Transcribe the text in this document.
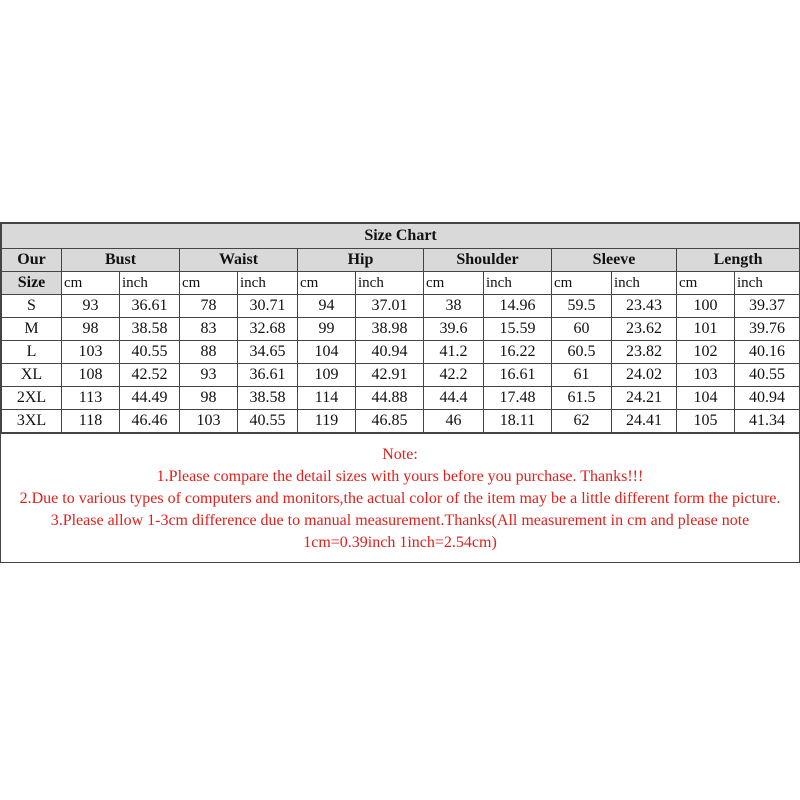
Size Chart												
Our	Bust		Waist		Hip		Shoulder		Sleeve		Length	
Size	cm	inch	cm	inch	cm	inch	cm	inch	cm	inch	cm	inch
S	93	36.61	78	30.71	94	37.01	38	14.96	59.5	23.43	100	39.37
M	98	38.58	83	32.68	99	38.98	39.6	15.59	60	23.62	101	39.76
L	103	40.55	88	34.65	104	40.94	41.2	16.22	60.5	23.82	102	40.16
XL	108	42.52	93	36.61	109	42.91	42.2	16.61	61	24.02	103	40.55
2XL	113	44.49	98	38.58	114	44.88	44.4	17.48	61.5	24.21	104	40.94
3XL	118	46.46	103	40.55	119	46.85	46	18.11	62	24.41	105	41.34
Note:
1.Please compare the detail sizes with yours before you purchase. Thanks!!!
2.Due to various types of computers and monitors,the actual color of the item may be a little different form the picture.
3.Please allow 1-3cm difference due to manual measurement.Thanks(All measurement in cm and please note 1cm=0.39inch 1inch=2.54cm)
